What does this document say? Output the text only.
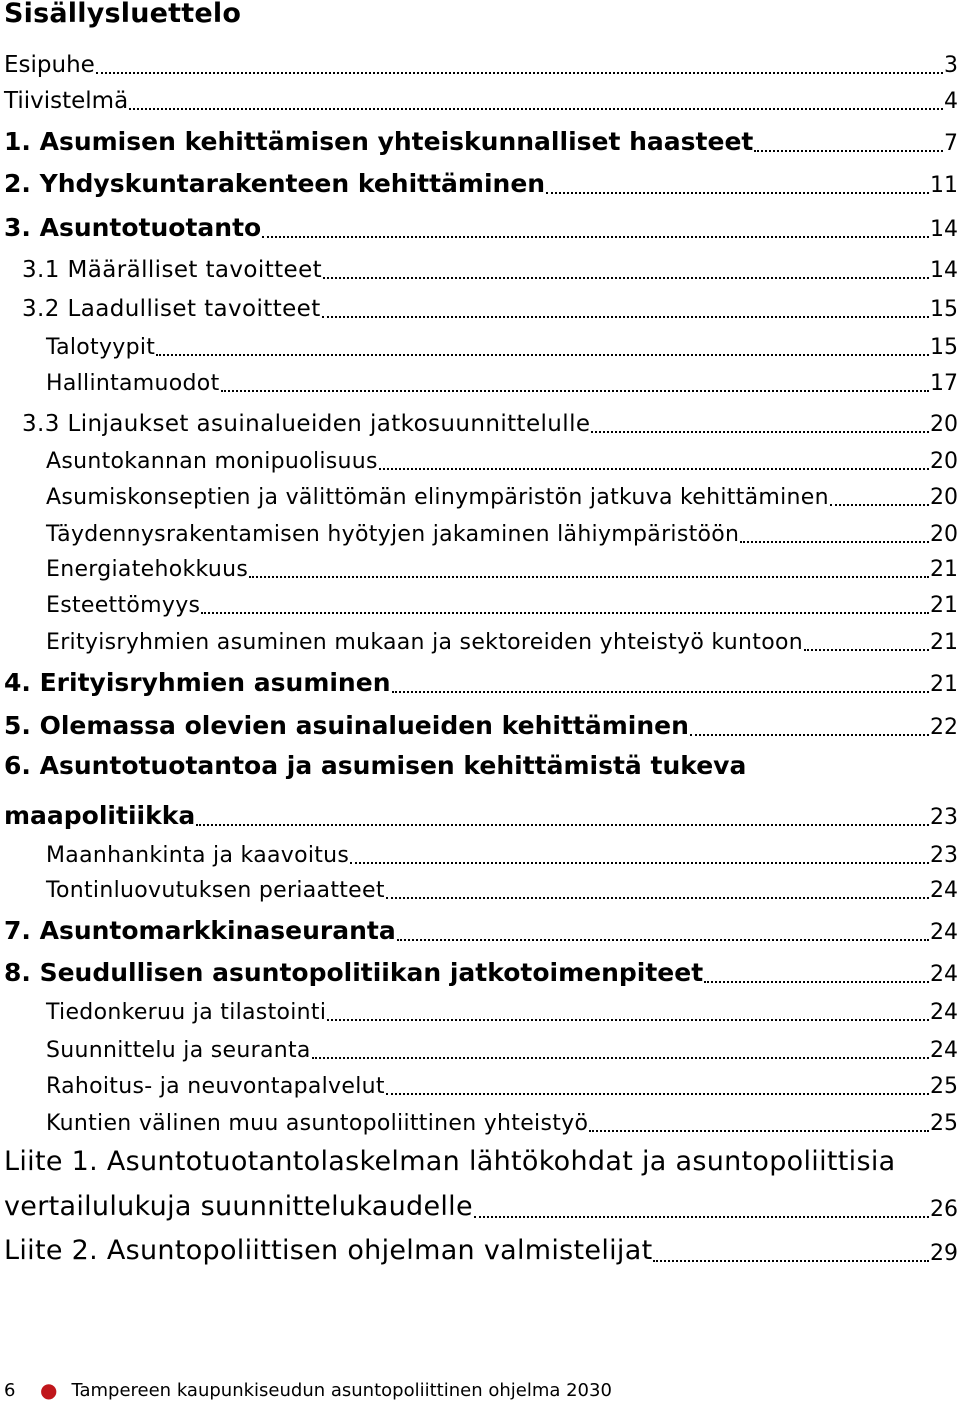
Sisällysluettelo
Esipuhe	3
Tiivistelmä	4
1. Asumisen kehittämisen yhteiskunnalliset haasteet	7
2. Yhdyskuntarakenteen kehittäminen	11
3. Asuntotuotanto	14
3.1 Määrälliset tavoitteet	14
3.2 Laadulliset tavoitteet	15
Talotyypit	15
Hallintamuodot	17
3.3 Linjaukset asuinalueiden jatkosuunnittelulle	20
Asuntokannan monipuolisuus	20
Asumiskonseptien ja välittömän elinympäristön jatkuva kehittäminen	20
Täydennysrakentamisen hyötyjen jakaminen lähiympäristöön	20
Energiatehokkuus	21
Esteettömyys	21
Erityisryhmien asuminen mukaan ja sektoreiden yhteistyö kuntoon	21
4. Erityisryhmien asuminen	21
5. Olemassa olevien asuinalueiden kehittäminen	22
6. Asuntotuotantoa ja asumisen kehittämistä tukeva
maapolitiikka	23
Maanhankinta ja kaavoitus	23
Tontinluovutuksen periaatteet	24
7. Asuntomarkkinaseuranta	24
8. Seudullisen asuntopolitiikan jatkotoimenpiteet	24
Tiedonkeruu ja tilastointi	24
Suunnittelu ja seuranta	24
Rahoitus- ja neuvontapalvelut	25
Kuntien välinen muu asuntopoliittinen yhteistyö	25
Liite 1. Asuntotuotantolaskelman lähtökohdat ja asuntopoliittisia
vertailulukuja suunnittelukaudelle	26
Liite 2. Asuntopoliittisen ohjelman valmistelijat	29
6	● Tampereen kaupunkiseudun asuntopoliittinen ohjelma 2030
